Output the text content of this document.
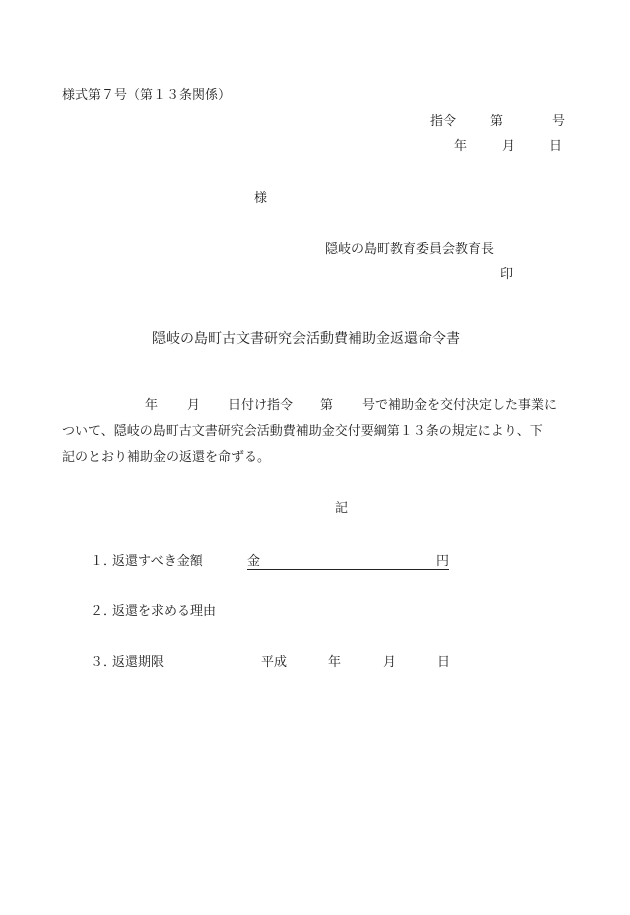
様式第７号（第１３条関係）
指令	第	号
年	月	日
様
隠岐の島町教育委員会教育長
印
隠岐の島町古文書研究会活動費補助金返還命令書
年 月 日付け指令 第 号で補助金を交付決定した事業に
ついて、隠岐の島町古文書研究会活動費補助金交付要綱第１３条の規定により、下
記のとおり補助金の返還を命ずる。
記
１．
返還すべき金額	金	円
２．
返還を求める理由
３．
返還期限	平成	年	月	日
